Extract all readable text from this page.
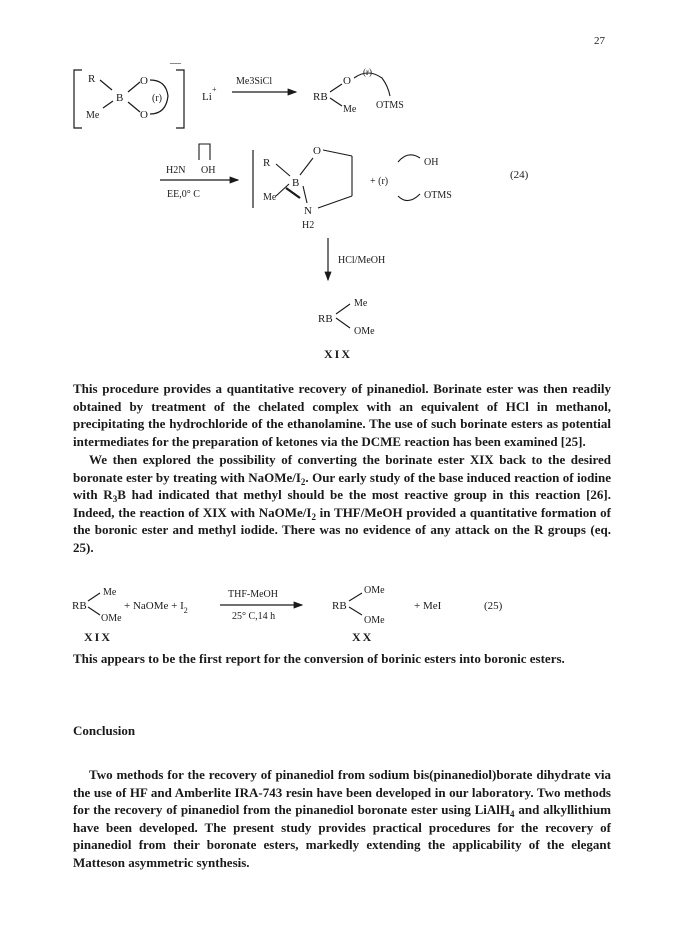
27
R	O
B	(r)
Me	O
—
Li
+
Me3SiCl
RB
O
(r)
Me OTMS
H2N OH
EE,0° C
R
Me
B
O
N
H2
+ (r)
OH
OTMS
(24)
HCl/MeOH
RB
Me
OMe
XIX

This procedure provides a quantitative recovery of pinanediol. Borinate ester was then readily obtained by treatment of the chelated complex with an equivalent of HCl in methanol, precipitating the hydrochloride of the ethanolamine. The use of such borinate esters as potential intermediates for the preparation of ketones via the DCME reaction has been examined [25].

We then explored the possibility of converting the borinate ester XIX back to the desired boronate ester by treating with NaOMe/$I_2$. Our early study of the base induced reaction of iodine with $R_3B$ had indicated that methyl should be the most reactive group in this reaction [26]. Indeed, the reaction of XIX with NaOMe/$I_2$ in THF/MeOH provided a quantitative formation of the boronic ester and methyl iodide. There was no evidence of any attack on the R groups (eq. 25).

RB
Me
OMe
+ NaOMe + $I_2$
THF-MeOH
25° C,14 h
RB
OMe
OMe
+ MeI	(25)
XIX	XX

This appears to be the first report for the conversion of borinic esters into boronic esters.

Conclusion

Two methods for the recovery of pinanediol from sodium bis(pinanediol)borate dihydrate via the use of HF and Amberlite IRA-743 resin have been developed in our laboratory. Two methods for the recovery of pinanediol from the pinanediol boronate ester using LiAlH$_4$ and alkyllithium have been developed. The present study provides practical procedures for the recovery of pinanediol from their boronate esters, markedly extending the applicability of the elegant Matteson asymmetric synthesis.
